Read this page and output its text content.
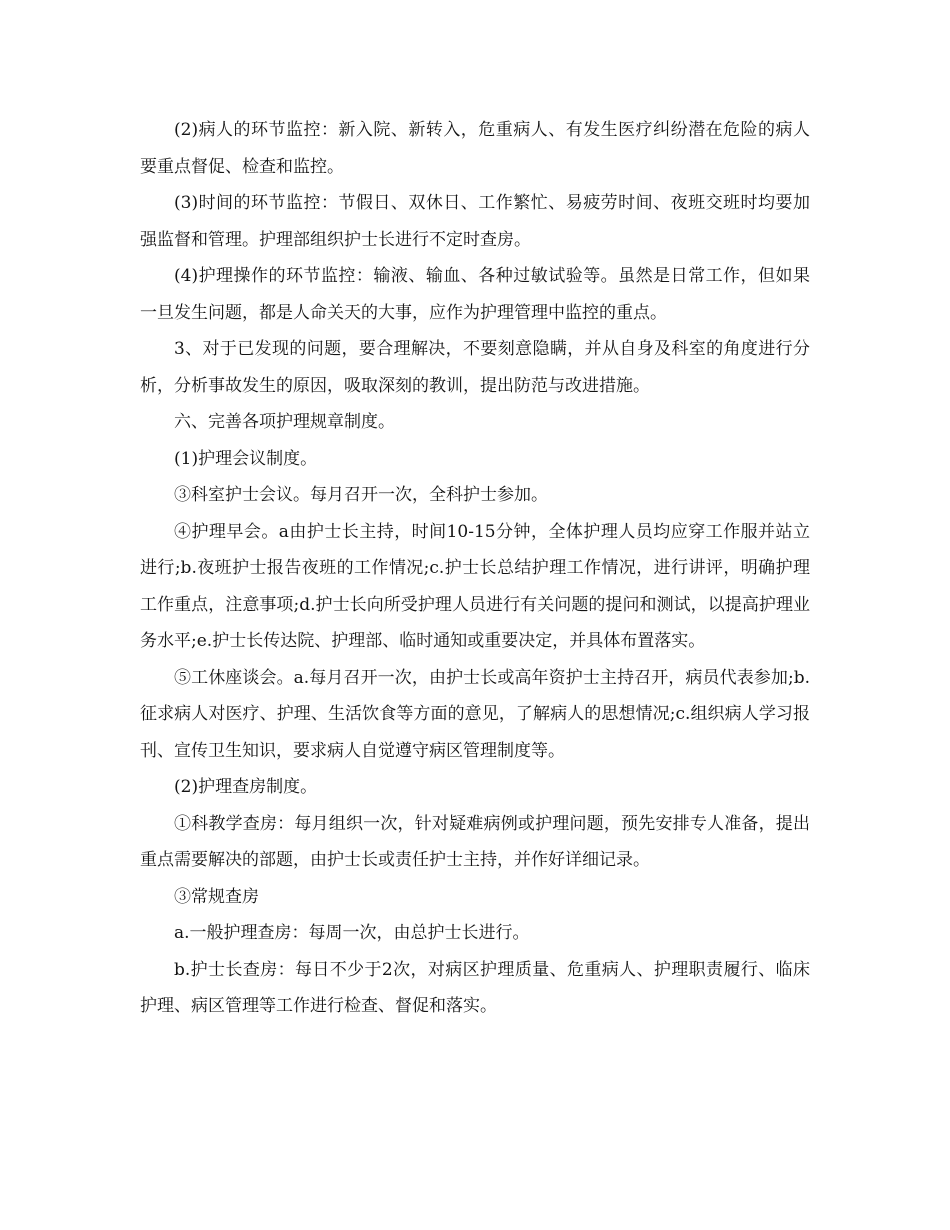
(2)病人的环节监控：新入院、新转入，危重病人、有发生医疗纠纷潜在危险的病人要重点督促、检查和监控。

(3)时间的环节监控：节假日、双休日、工作繁忙、易疲劳时间、夜班交班时均要加强监督和管理。护理部组织护士长进行不定时查房。

(4)护理操作的环节监控：输液、输血、各种过敏试验等。虽然是日常工作，但如果一旦发生问题，都是人命关天的大事，应作为护理管理中监控的重点。

3、对于已发现的问题，要合理解决，不要刻意隐瞒，并从自身及科室的角度进行分析，分析事故发生的原因，吸取深刻的教训，提出防范与改进措施。

六、完善各项护理规章制度。

(1)护理会议制度。

③科室护士会议。每月召开一次，全科护士参加。

④护理早会。a由护士长主持，时间10-15分钟，全体护理人员均应穿工作服并站立进行;b.夜班护士报告夜班的工作情况;c.护士长总结护理工作情况，进行讲评，明确护理工作重点，注意事项;d.护士长向所受护理人员进行有关问题的提问和测试，以提高护理业务水平;e.护士长传达院、护理部、临时通知或重要决定，并具体布置落实。

⑤工休座谈会。a.每月召开一次，由护士长或高年资护士主持召开，病员代表参加;b.征求病人对医疗、护理、生活饮食等方面的意见，了解病人的思想情况;c.组织病人学习报刊、宣传卫生知识，要求病人自觉遵守病区管理制度等。

(2)护理查房制度。

①科教学查房：每月组织一次，针对疑难病例或护理问题，预先安排专人准备，提出重点需要解决的部题，由护士长或责任护士主持，并作好详细记录。

③常规查房

a.一般护理查房：每周一次，由总护士长进行。

b.护士长查房：每日不少于2次，对病区护理质量、危重病人、护理职责履行、临床护理、病区管理等工作进行检查、督促和落实。
